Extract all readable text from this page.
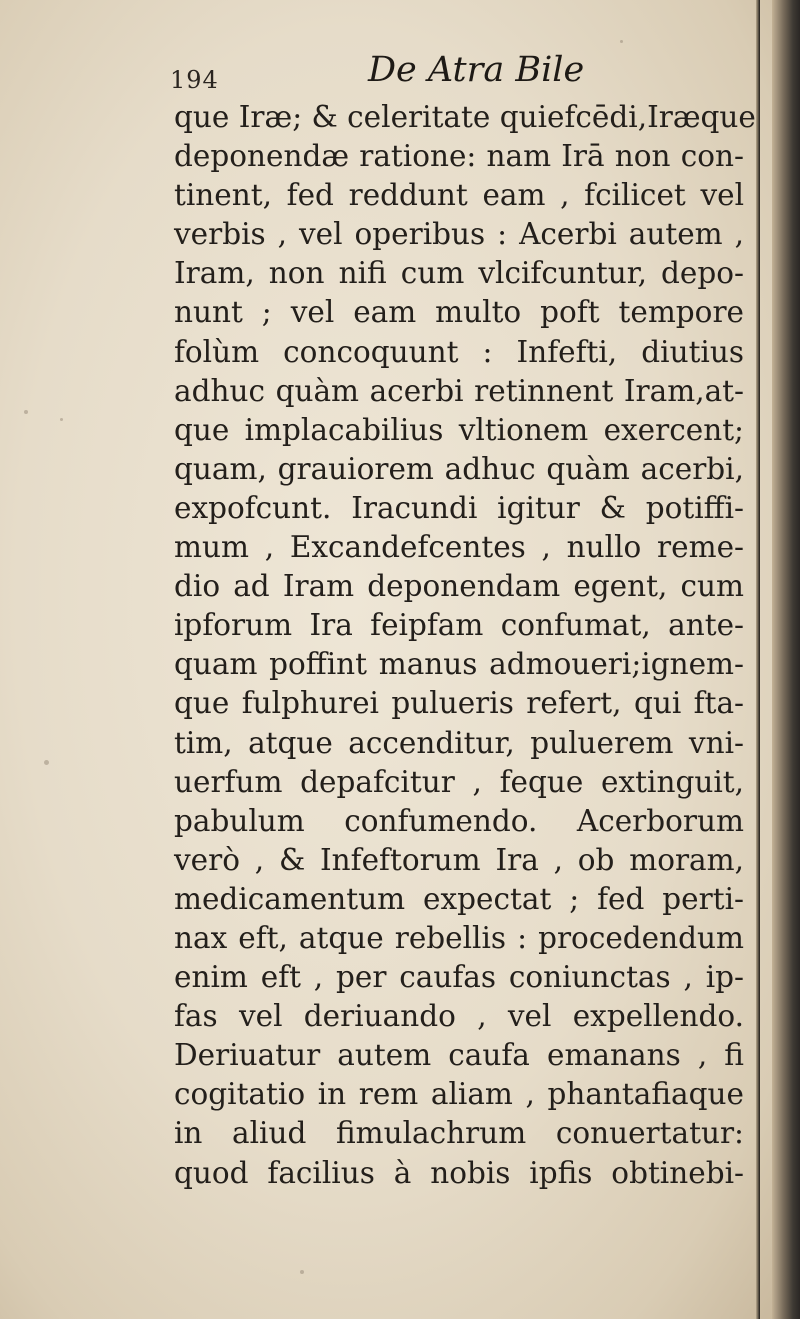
194	De Atra Bile
que Iræ; & celeritate quiefcēdi,Iræque
deponendæ ratione: nam Irā non con-
tinent, fed reddunt eam , fcilicet vel
verbis , vel operibus : Acerbi autem ,
Iram, non nifi cum vlcifcuntur, depo-
nunt ; vel eam multo poft tempore
folùm concoquunt : Infefti, diutius
adhuc quàm acerbi retinnent Iram,at-
que implacabilius vltionem exercent;
quam, grauiorem adhuc quàm acerbi,
expofcunt. Iracundi igitur & potiffi-
mum , Excandefcentes , nullo reme-
dio ad Iram deponendam egent, cum
ipforum Ira feipfam confumat, ante-
quam poffint manus admoueri;ignem-
que fulphurei pulueris refert, qui fta-
tim, atque accenditur, puluerem vni-
uerfum depafcitur , feque extinguit,
pabulum confumendo. Acerborum
verò , & Infeftorum Ira , ob moram,
medicamentum expectat ; fed perti-
nax eft, atque rebellis : procedendum
enim eft , per caufas coniunctas , ip-
fas vel deriuando , vel expellendo.
Deriuatur autem caufa emanans , fi
cogitatio in rem aliam , phantafiaque
in aliud fimulachrum conuertatur:
quod facilius à nobis ipfis obtinebi-
